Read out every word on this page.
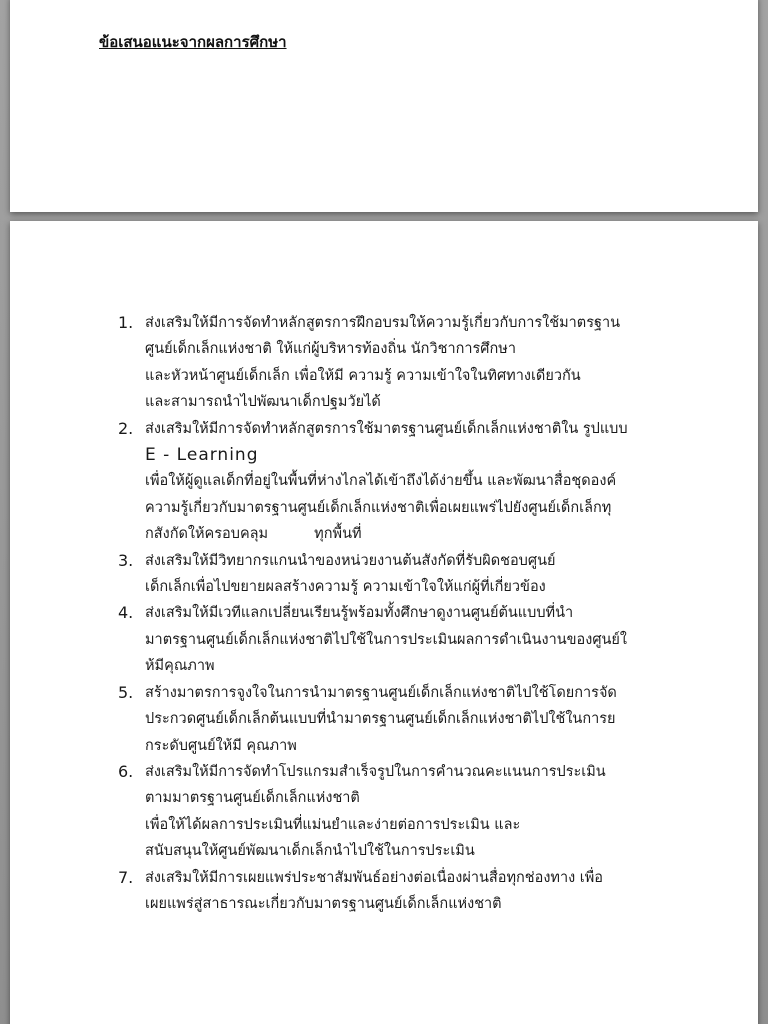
ข้อเสนอแนะจากผลการศึกษา
1. ส่งเสริมให้มีการจัดทำหลักสูตรการฝึกอบรมให้ความรู้เกี่ยวกับการใช้มาตรฐาน
ศูนย์เด็กเล็กแห่งชาติ ให้แก่ผู้บริหารท้องถิ่น นักวิชาการศึกษา
และหัวหน้าศูนย์เด็กเล็ก เพื่อให้มี ความรู้ ความเข้าใจในทิศทางเดียวกัน
และสามารถนำไปพัฒนาเด็กปฐมวัยได้
2. ส่งเสริมให้มีการจัดทำหลักสูตรการใช้มาตรฐานศูนย์เด็กเล็กแห่งชาติใน รูปแบบ
E - Learning
เพื่อให้ผู้ดูแลเด็กที่อยู่ในพื้นที่ห่างไกลได้เข้าถึงได้ง่ายขึ้น และพัฒนาสื่อชุดองค์
ความรู้เกี่ยวกับมาตรฐานศูนย์เด็กเล็กแห่งชาติเพื่อเผยแพร่ไปยังศูนย์เด็กเล็กทุ
กสังกัดให้ครอบคลุม          ทุกพื้นที่
3. ส่งเสริมให้มีวิทยากรแกนนำของหน่วยงานต้นสังกัดที่รับผิดชอบศูนย์
เด็กเล็กเพื่อไปขยายผลสร้างความรู้ ความเข้าใจให้แก่ผู้ที่เกี่ยวข้อง
4. ส่งเสริมให้มีเวทีแลกเปลี่ยนเรียนรู้พร้อมทั้งศึกษาดูงานศูนย์ต้นแบบที่นำ
มาตรฐานศูนย์เด็กเล็กแห่งชาติไปใช้ในการประเมินผลการดำเนินงานของศูนย์ใ
ห้มีคุณภาพ
5. สร้างมาตรการจูงใจในการนำมาตรฐานศูนย์เด็กเล็กแห่งชาติไปใช้โดยการจัด
ประกวดศูนย์เด็กเล็กต้นแบบที่นำมาตรฐานศูนย์เด็กเล็กแห่งชาติไปใช้ในการย
กระดับศูนย์ให้มี คุณภาพ
6. ส่งเสริมให้มีการจัดทำโปรแกรมสำเร็จรูปในการคำนวณคะแนนการประเมิน
ตามมาตรฐานศูนย์เด็กเล็กแห่งชาติ
เพื่อให้ได้ผลการประเมินที่แม่นยำและง่ายต่อการประเมิน และ
สนับสนุนให้ศูนย์พัฒนาเด็กเล็กนำไปใช้ในการประเมิน
7. ส่งเสริมให้มีการเผยแพร่ประชาสัมพันธ์อย่างต่อเนื่องผ่านสื่อทุกช่องทาง เพื่อ
เผยแพร่สู่สาธารณะเกี่ยวกับมาตรฐานศูนย์เด็กเล็กแห่งชาติ
